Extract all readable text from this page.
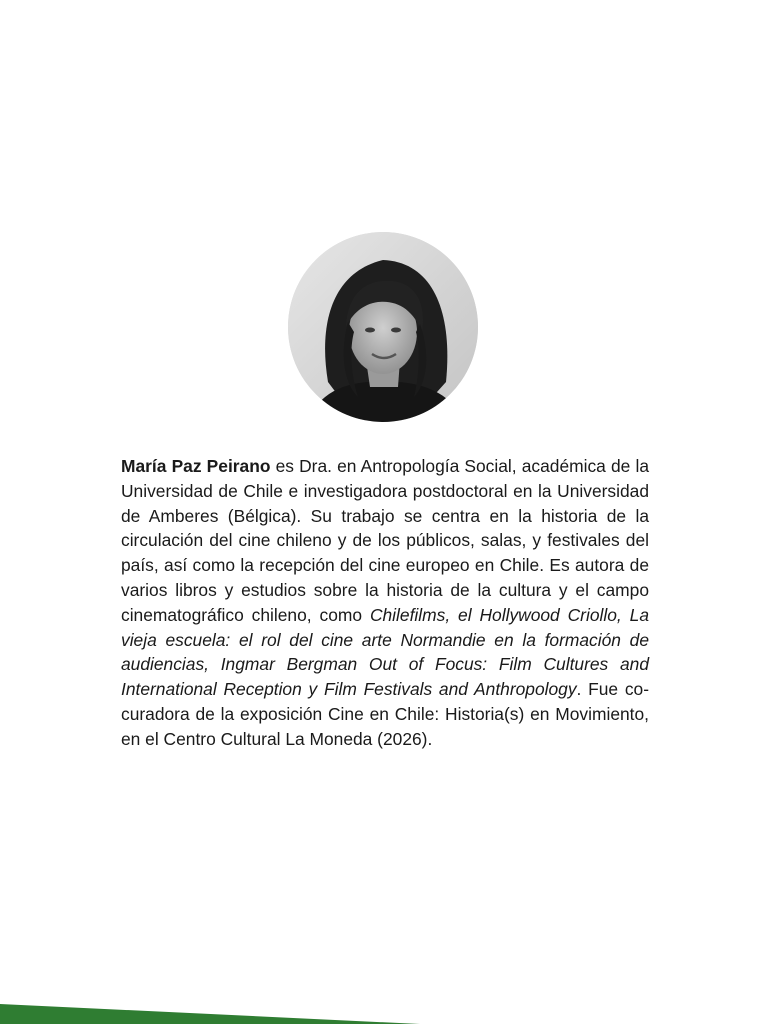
María Paz Peirano es Dra. en Antropología Social, académica de la Universidad de Chile e investigadora postdoctoral en la Universidad de Amberes (Bélgica). Su trabajo se centra en la historia de la circulación del cine chileno y de los públicos, salas, y festivales del país, así como la recepción del cine europeo en Chile. Es autora de varios libros y estudios sobre la historia de la cultura y el campo cinematográfico chileno, como Chilefilms, el Hollywood Criollo, La vieja escuela: el rol del cine arte Normandie en la formación de audiencias, Ingmar Bergman Out of Focus: Film Cultures and International Reception y Film Festivals and Anthropology. Fue co-curadora de la exposición Cine en Chile: Historia(s) en Movimiento, en el Centro Cultural La Moneda (2026).
